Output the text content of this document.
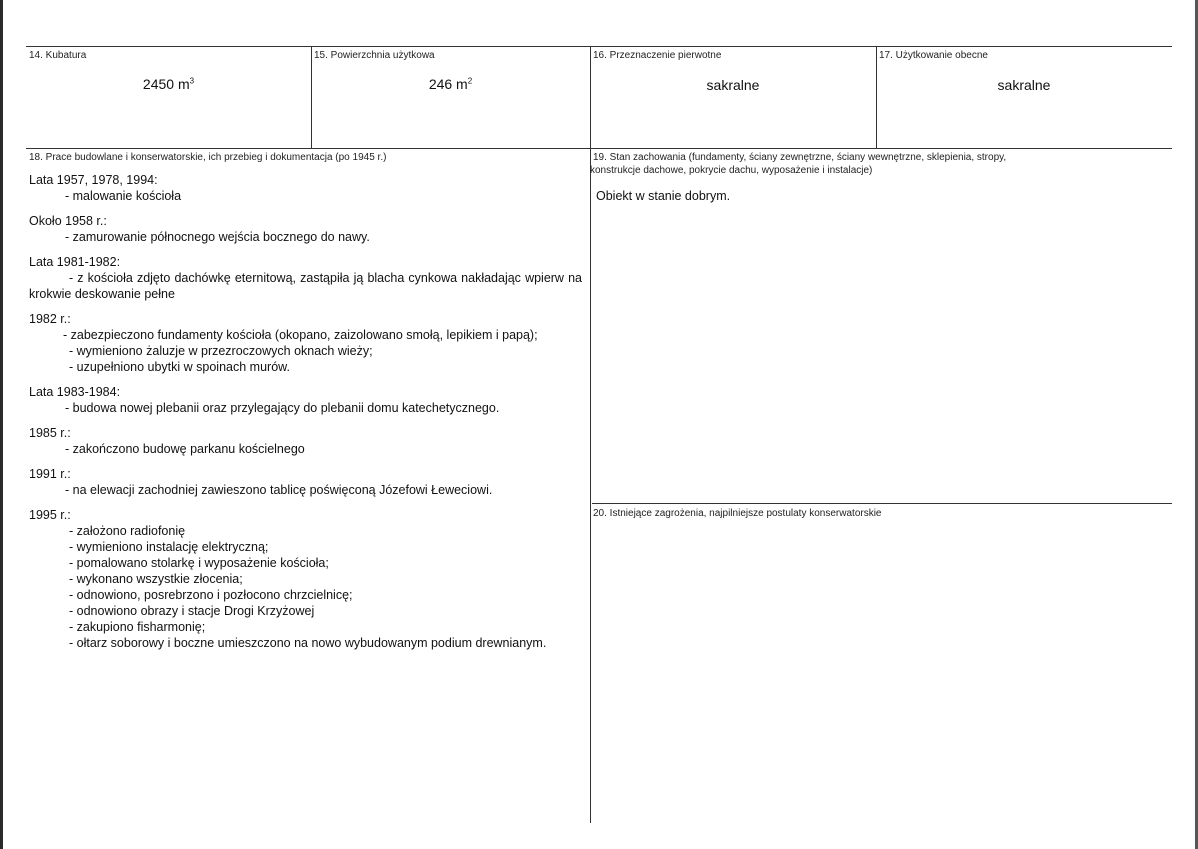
14. Kubatura
2450 $m^3$
15. Powierzchnia użytkowa
246 $m^2$
16. Przeznaczenie pierwotne
sakralne
17. Użytkowanie obecne
sakralne
18. Prace budowlane i konserwatorskie, ich przebieg i dokumentacja (po 1945 r.)
Lata 1957, 1978, 1994:
- malowanie kościoła
Około 1958 r.:
- zamurowanie północnego wejścia bocznego do nawy.
Lata 1981-1982:
- z kościoła zdjęto dachówkę eternitową, zastąpiła ją blacha cynkowa nakładając wpierw na krokwie deskowanie pełne
1982 r.:
- zabezpieczono fundamenty kościoła (okopano, zaizolowano smołą, lepikiem i papą);
- wymieniono żaluzje w przezroczowych oknach wieży;
- uzupełniono ubytki w spoinach murów.
Lata 1983-1984:
- budowa nowej plebanii oraz przylegający do plebanii domu katechetycznego.
1985 r.:
- zakończono budowę parkanu kościelnego
1991 r.:
- na elewacji zachodniej zawieszono tablicę poświęconą Józefowi Łeweciowi.
1995 r.:
- założono radiofonię
- wymieniono instalację elektryczną;
- pomalowano stolarkę i wyposażenie kościoła;
- wykonano wszystkie złocenia;
- odnowiono, posrebrzono i pozłocono chrzcielnicę;
- odnowiono obrazy i stacje Drogi Krzyżowej
- zakupiono fisharmonię;
- ołtarz soborowy i boczne umieszczono na nowo wybudowanym podium drewnianym.
19. Stan zachowania (fundamenty, ściany zewnętrzne, ściany wewnętrzne, sklepienia, stropy,
konstrukcje dachowe, pokrycie dachu, wyposażenie i instalacje)
Obiekt w stanie dobrym.
20. Istniejące zagrożenia, najpilniejsze postulaty konserwatorskie
